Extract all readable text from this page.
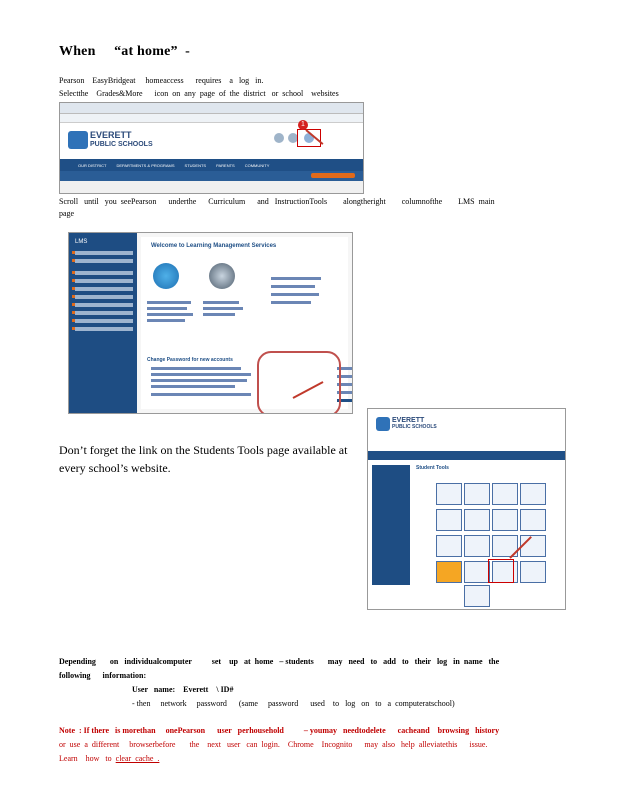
When     “at home”  -
Pearson    EasyBridgeat     homeaccess      requires    a   log   in.
Selectthe    Grades&More      icon  on  any  page  of  the  district   or  school    websites
EVERETT
PUBLIC SCHOOLS
OUR DISTRICT	DEPARTMENTS & PROGRAMS	STUDENTS	PARENTS	COMMUNITY
1
Scroll   until   you  seePearson      underthe      Curriculum      and   InstructionTools        alongtheright        columnofthe        LMS  main
page
LMS
Welcome to Learning Management Services
Change Password for new accounts
Don’t forget the link on the Students Tools page available at
every school’s website.
EVERETT
PUBLIC SCHOOLS
Student Tools
Depending       on   individualcomputer          set    up   at  home   – students       may   need   to   add   to   their   log   in  name   the
following      information:
User   name:    Everett    \ ID#
- then     network     password      (same     password      used    to   log   on   to   a  computeratschool)
Note  : If there   is morethan     onePearson      user   perhousehold          – youmay   needtodelete      cacheand    browsing   history
or  use  a  different     browserbefore       the    next   user   can  login.    Chrome    Incognito      may  also   help  alleviatethis      issue.
Learn    how   to  clear  cache  .
